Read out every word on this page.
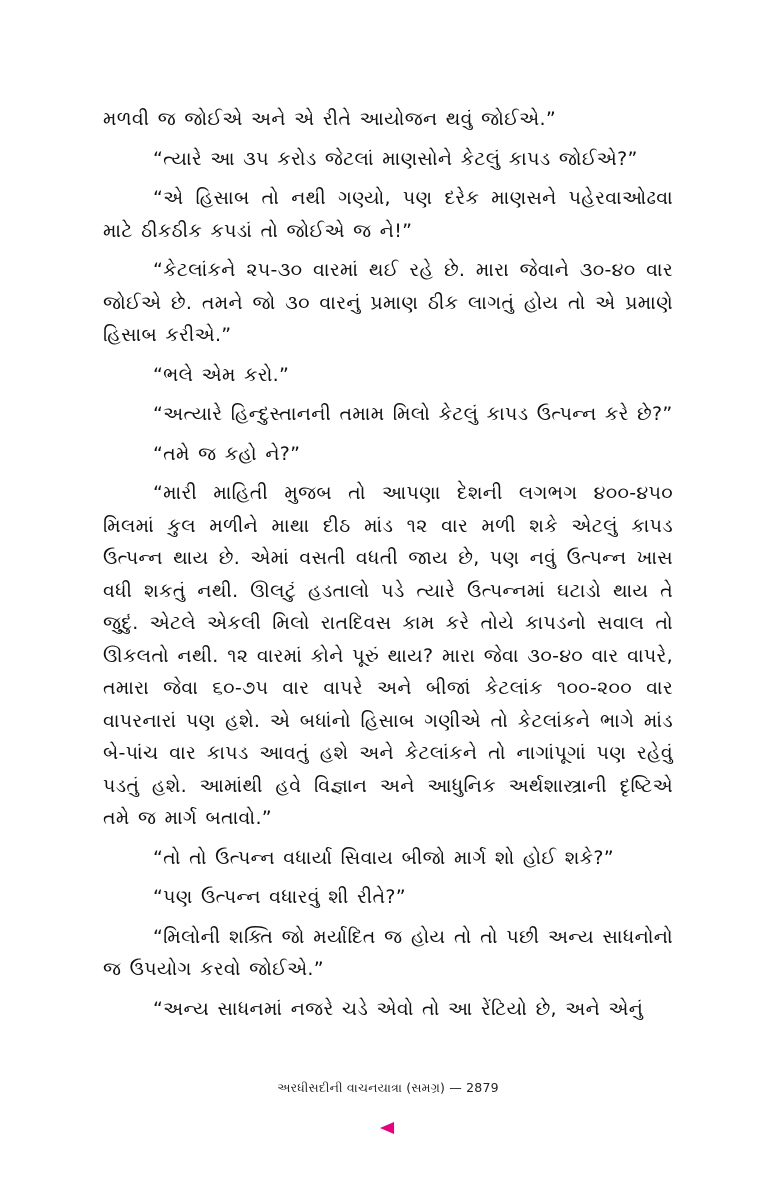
મળવી જ જોઈએ અને એ રીતે આયોજન થવું જોઈએ.”

“ત્યારે આ ૩૫ કરોડ જેટલાં માણસોને કેટલું કાપડ જોઈએ?”

“એ હિસાબ તો નથી ગણ્યો, પણ દરેક માણસને પહેરવાઓઢવા માટે ઠીકઠીક કપડાં તો જોઈએ જ ને!”

“કેટલાંકને ૨૫-૩૦ વારમાં થઈ રહે છે. મારા જેવાને ૩૦-૪૦ વાર જોઈએ છે. તમને જો ૩૦ વારનું પ્રમાણ ઠીક લાગતું હોય તો એ પ્રમાણે હિસાબ કરીએ.”

“ભલે એમ કરો.”

“અત્યારે હિન્દુસ્તાનની તમામ મિલો કેટલું કાપડ ઉત્પન્ન કરે છે?”

“તમે જ કહો ને?”

“મારી માહિતી મુજબ તો આપણા દેશની લગભગ ૪૦૦-૪૫૦ મિલમાં કુલ મળીને માથા દીઠ માંડ ૧૨ વાર મળી શકે એટલું કાપડ ઉત્પન્ન થાય છે. એમાં વસતી વધતી જાય છે, પણ નવું ઉત્પન્ન ખાસ વધી શકતું નથી. ઊલટું હડતાલો પડે ત્યારે ઉત્પન્નમાં ઘટાડો થાય તે જુદું. એટલે એકલી મિલો રાતદિવસ કામ કરે તોયે કાપડનો સવાલ તો ઊકલતો નથી. ૧૨ વારમાં કોને પૂરું થાય? મારા જેવા ૩૦-૪૦ વાર વાપરે, તમારા જેવા ૬૦-૭૫ વાર વાપરે અને બીજાં કેટલાંક ૧૦૦-૨૦૦ વાર વાપરનારાં પણ હશે. એ બધાંનો હિસાબ ગણીએ તો કેટલાંકને ભાગે માંડ બે-પાંચ વાર કાપડ આવતું હશે અને કેટલાંકને તો નાગાંપૂગાં પણ રહેવું પડતું હશે. આમાંથી હવે વિજ્ઞાન અને આધુનિક અર્થશાસ્ત્રાની દૃષ્ટિએ તમે જ માર્ગ બતાવો.”

“તો તો ઉત્પન્ન વધાર્યા સિવાય બીજો માર્ગ શો હોઈ શકે?”

“પણ ઉત્પન્ન વધારવું શી રીતે?”

“મિલોની શક્તિ જો મર્યાદિત જ હોય તો તો પછી અન્ય સાધનોનો જ ઉપયોગ કરવો જોઈએ.”

“અન્ય સાધનમાં નજરે ચડે એવો તો આ રેંટિયો છે, અને એનું

અરધીસદીની વાચનયાત્રા (સમગ્ર) — 2879
